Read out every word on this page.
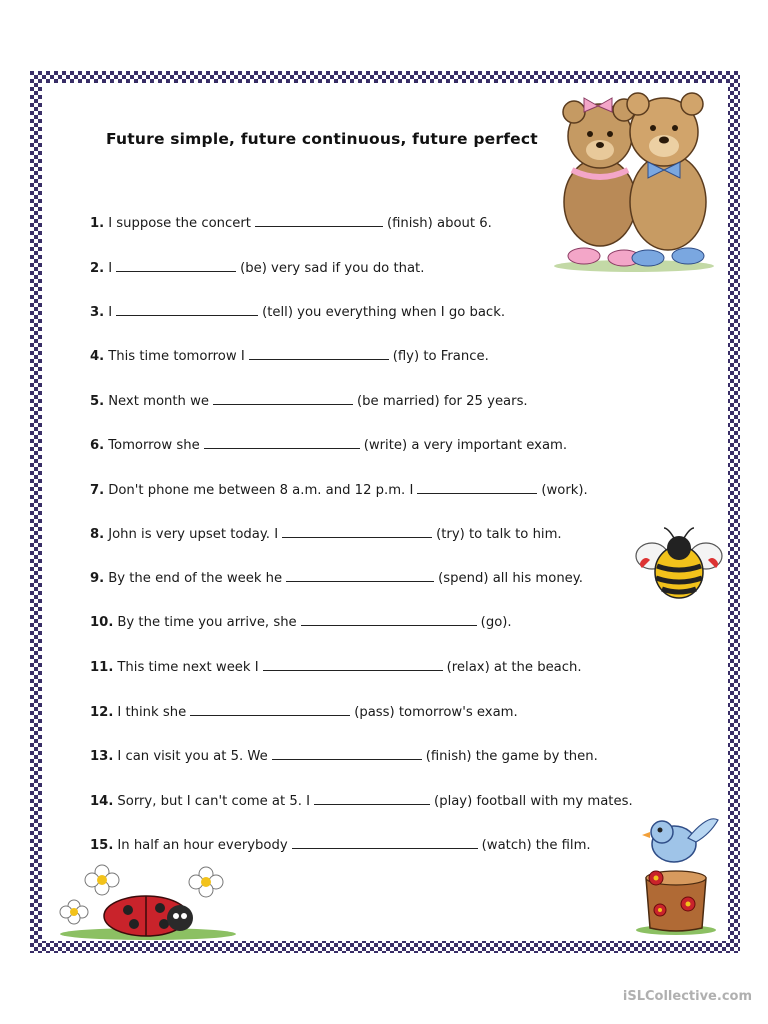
Future simple, future continuous, future perfect
1. I suppose the concert	(finish) about 6.
2. I	(be) very sad if you do that.
3. I	(tell) you everything when I go back.
4. This time tomorrow I	(fly) to France.
5. Next month we	(be married) for 25 years.
6. Tomorrow she	(write) a very important exam.
7. Don't phone me between 8 a.m. and 12 p.m. I	(work).
8. John is very upset today. I	(try) to talk to him.
9. By the end of the week he	(spend) all his money.
10. By the time you arrive, she	(go).
11. This time next week I	(relax) at the beach.
12. I think she	(pass) tomorrow's exam.
13. I can visit you at 5. We	(finish) the game by then.
14. Sorry, but I can't come at 5. I	(play) football with my mates.
15. In half an hour everybody	(watch) the film.
iSLCollective.com
